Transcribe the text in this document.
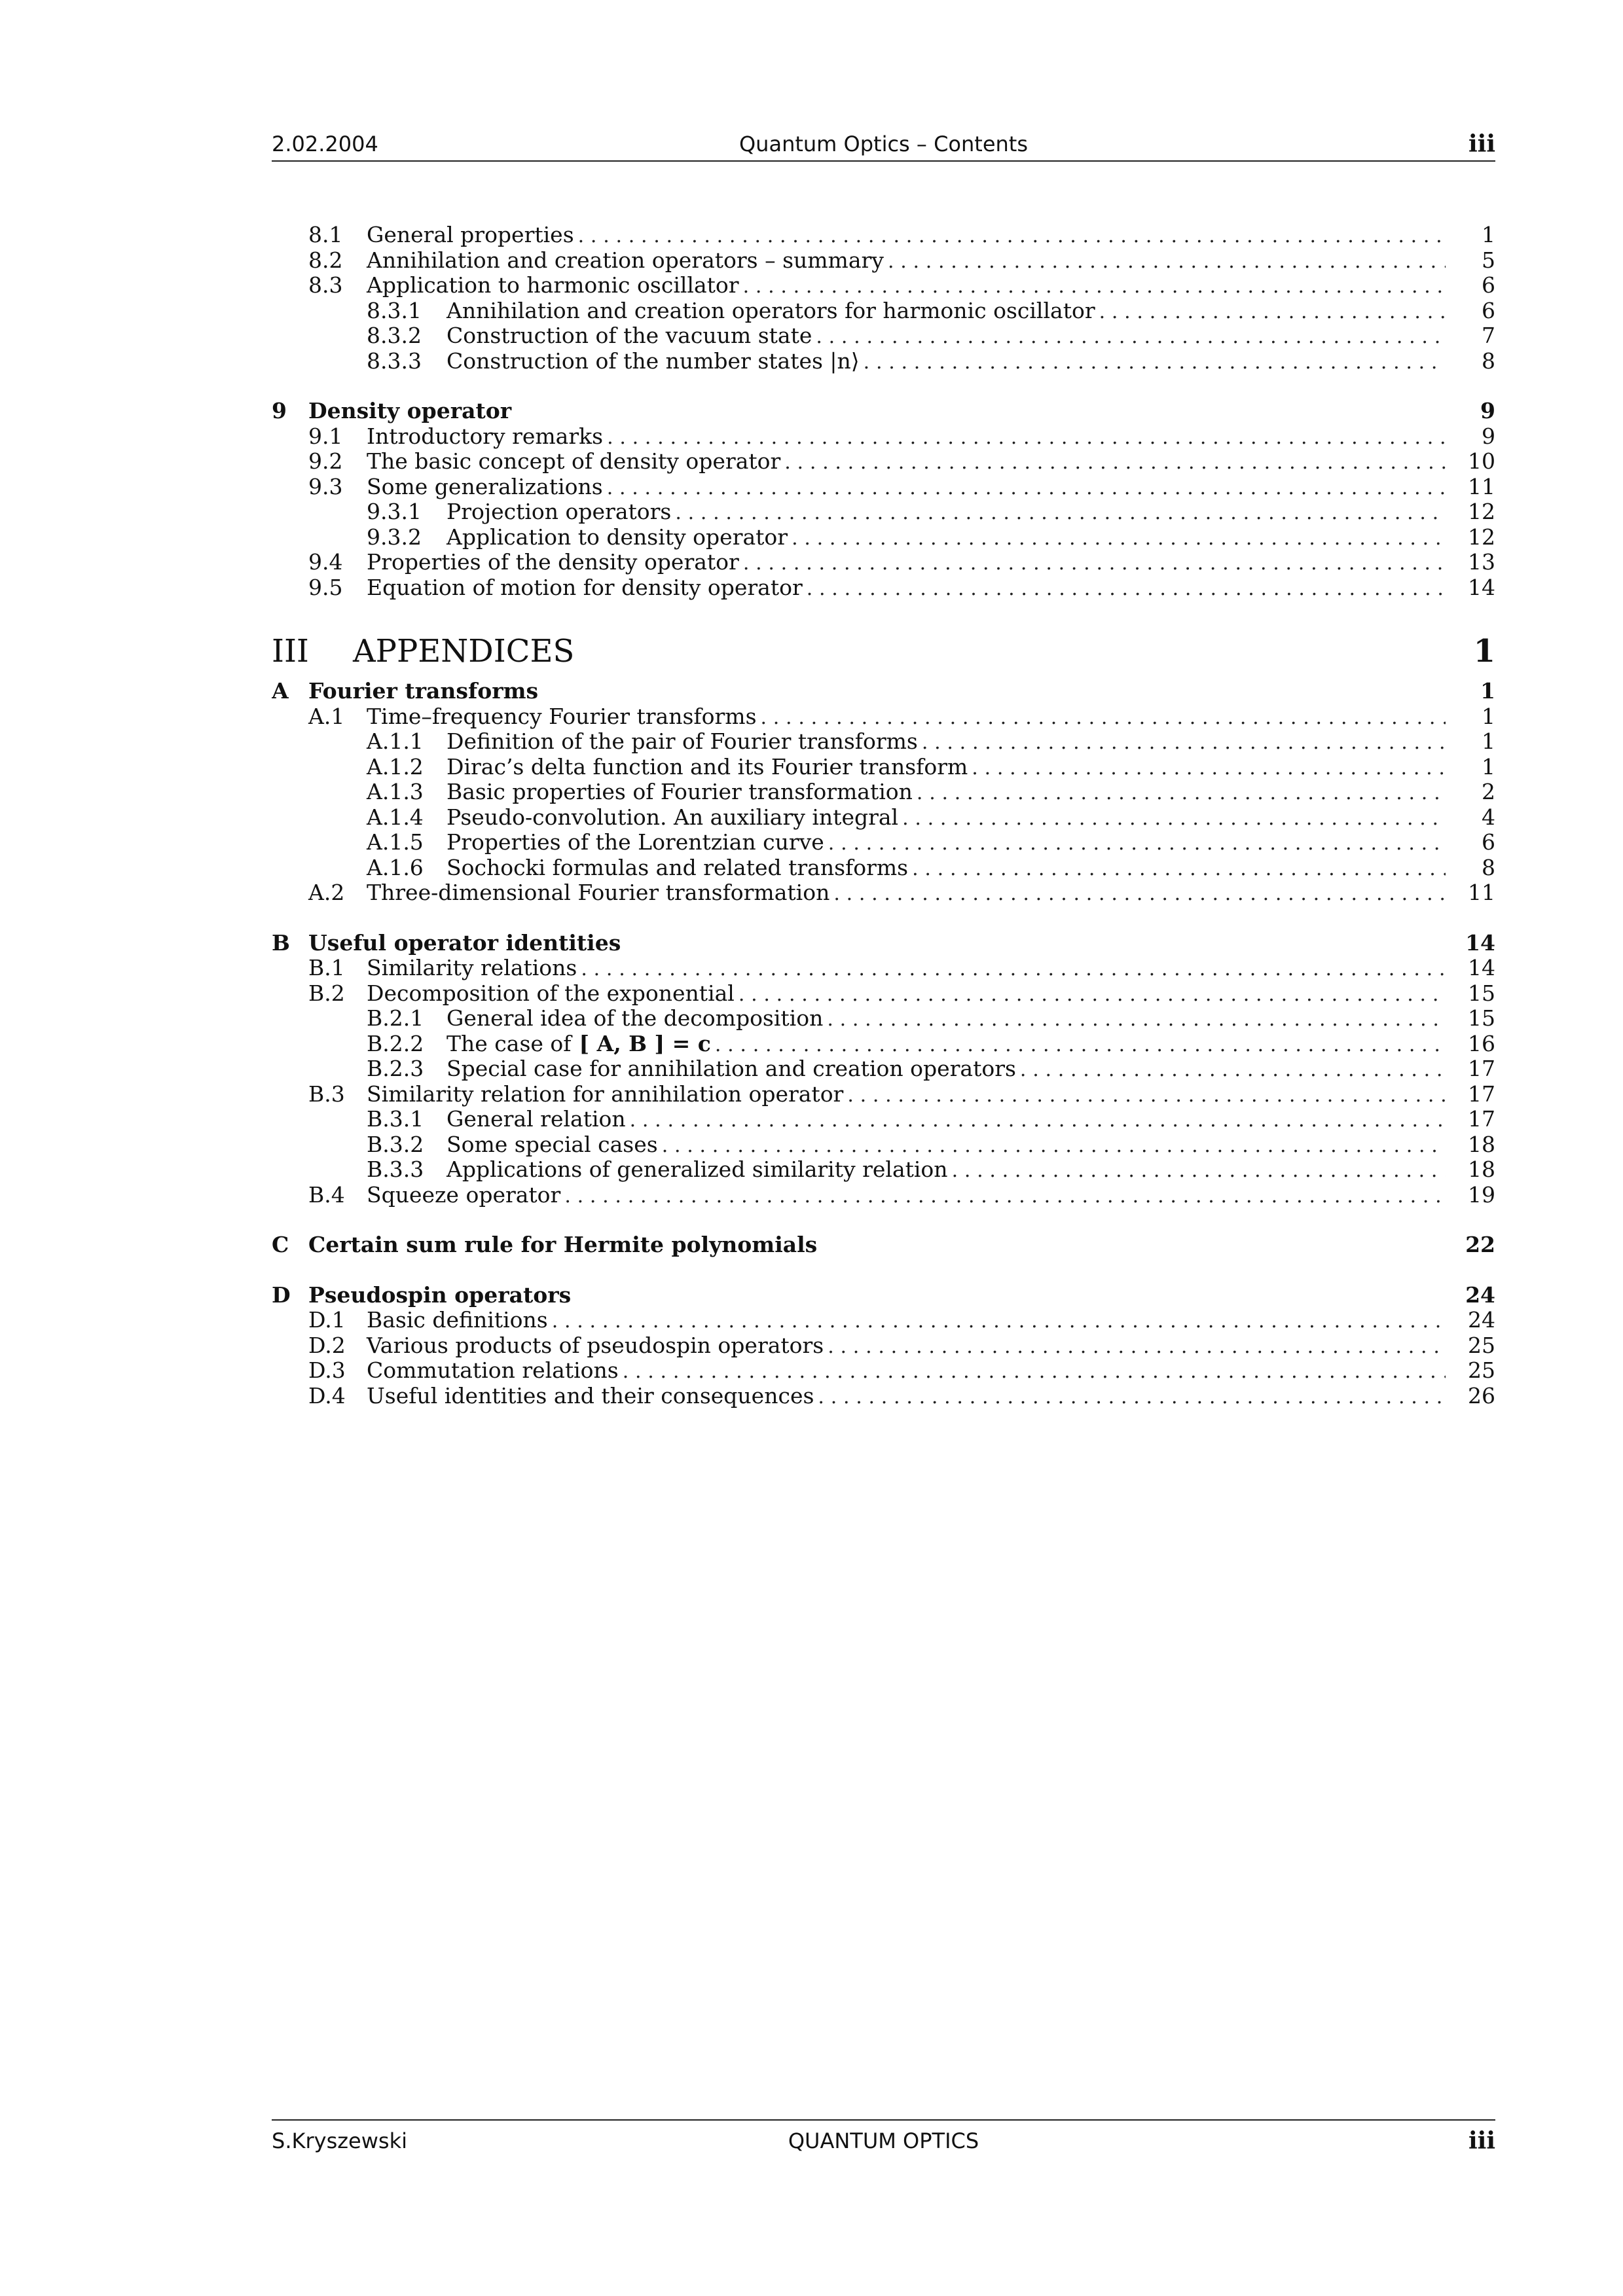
2.02.2004	Quantum Optics – Contents	iii
8.1	General properties . .	1
8.2	Annihilation and creation operators – summary . .	5
8.3	Application to harmonic oscillator . .	6
8.3.1	Annihilation and creation operators for harmonic oscillator . .	6
8.3.2	Construction of the vacuum state . .	7
8.3.3	Construction of the number states |n⟩ . .	8
9	Density operator	9
9.1	Introductory remarks . .	9
9.2	The basic concept of density operator . .	10
9.3	Some generalizations . .	11
9.3.1	Projection operators . .	12
9.3.2	Application to density operator . .	12
9.4	Properties of the density operator . .	13
9.5	Equation of motion for density operator . .	14
III	APPENDICES	1
A Fourier transforms	1
A.1	Time–frequency Fourier transforms . .	1
A.1.1	Definition of the pair of Fourier transforms . .	1
A.1.2	Dirac’s delta function and its Fourier transform . .	1
A.1.3	Basic properties of Fourier transformation . .	2
A.1.4	Pseudo-convolution. An auxiliary integral . .	4
A.1.5	Properties of the Lorentzian curve . .	6
A.1.6	Sochocki formulas and related transforms . .	8
A.2	Three-dimensional Fourier transformation . .	11
B Useful operator identities	14
B.1	Similarity relations . .	14
B.2	Decomposition of the exponential . .	15
B.2.1	General idea of the decomposition . .	15
B.2.2	The case of [ A, B ] = c . .	16
B.2.3	Special case for annihilation and creation operators . .	17
B.3	Similarity relation for annihilation operator . .	17
B.3.1	General relation . .	17
B.3.2	Some special cases . .	18
B.3.3	Applications of generalized similarity relation . .	18
B.4	Squeeze operator . .	19
C Certain sum rule for Hermite polynomials	22
D Pseudospin operators	24
D.1 Basic definitions . .	24
D.2 Various products of pseudospin operators . .	25
D.3 Commutation relations . .	25
D.4 Useful identities and their consequences . .	26
S.Kryszewski	QUANTUM OPTICS	iii
